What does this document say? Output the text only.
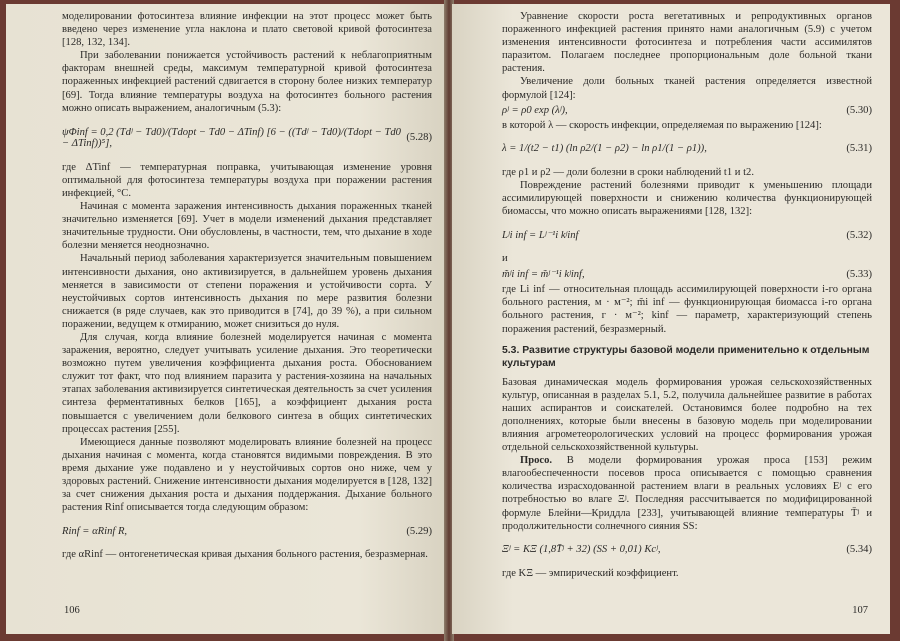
моделировании фотосинтеза влияние инфекции на этот процесс может быть введено через изменение угла наклона и плато световой кривой фотосинтеза [128, 132, 134].

При заболевании понижается устойчивость растений к неблагоприятным факторам внешней среды, максимум температурной кривой фотосинтеза пораженных инфекцией растений сдвигается в сторону более низких температур [69]. Тогда влияние температуры воздуха на фотосинтез больного растения можно описать выражением, аналогичным (5.3):

ψΦinf = 0,2 (Tdʲ − Td0)/(Tdopt − Td0 − ΔTinf) [6 − ((Tdʲ − Td0)/(Tdopt − Td0 − ΔTinf))⁵],	(5.28)

где ΔTinf — температурная поправка, учитывающая изменение уровня оптимальной для фотосинтеза температуры воздуха при поражении растения инфекцией, °C.

Начиная с момента заражения интенсивность дыхания пораженных тканей значительно изменяется [69]. Учет в модели изменений дыхания представляет значительные трудности. Они обусловлены, в частности, тем, что дыхание в ходе болезни меняется неоднозначно.

Начальный период заболевания характеризуется значительным повышением интенсивности дыхания, оно активизируется, в дальнейшем уровень дыхания меняется в зависимости от степени поражения и устойчивости сорта. У неустойчивых сортов интенсивность дыхания по мере развития болезни снижается (в ряде случаев, как это приводится в [74], до 39 %), а при сильном поражении, ведущем к отмиранию, может снизиться до нуля.

Для случая, когда влияние болезней моделируется начиная с момента заражения, вероятно, следует учитывать усиление дыхания. Это теоретически возможно путем увеличения коэффициента дыхания роста. Обоснованием служит тот факт, что под влиянием паразита у растения-хозяина на начальных этапах заболевания активизируется синтетическая деятельность за счет усиления синтеза ферментативных белков [165], а коэффициент дыхания роста повышается с увеличением доли белкового синтеза в общих синтетических процессах растения [255].

Имеющиеся данные позволяют моделировать влияние болезней на процесс дыхания начиная с момента, когда становятся видимыми повреждения. В это время дыхание уже подавлено и у неустойчивых сортов оно ниже, чем у здоровых растений. Снижение интенсивности дыхания моделируется в [128, 132] за счет снижения дыхания роста и дыхания поддержания. Дыхание больного растения Rinf описывается тогда следующим образом:

Rinf = αRinf R,	(5.29)

где αRinf — онтогенетическая кривая дыхания больного растения, безразмерная.

106

Уравнение скорости роста вегетативных и репродуктивных органов пораженного инфекцией растения принято нами аналогичным (5.9) с учетом изменения интенсивности фотосинтеза и потребления части ассимилятов паразитом. Полагаем последнее пропорциональным доле больной ткани растения.

Увеличение доли больных тканей растения определяется известной формулой [124]:

ρʲ = ρ0 exp (λʲ),	(5.30)

в которой λ — скорость инфекции, определяемая по выражению [124]:

λ = 1/(t2 − t1) (ln ρ2/(1 − ρ2) − ln ρ1/(1 − ρ1)),	(5.31)

где ρ1 и ρ2 — доли болезни в сроки наблюдений t1 и t2.

Повреждение растений болезнями приводит к уменьшению площади ассимилирующей поверхности и снижению количества функционирующей биомассы, что можно описать выражениями [128, 132]:

Lʲi inf = Lʲ⁻¹i kʲinf	(5.32)

и

m̃ʲi inf = m̃ʲ⁻¹i kʲinf,	(5.33)

где Li inf — относительная площадь ассимилирующей поверхности i-го органа больного растения, м · м⁻²; m̃i inf — функционирующая биомасса i-го органа больного растения, г · м⁻²; kinf — параметр, характеризующий степень поражения растений, безразмерный.

5.3. Развитие структуры базовой модели применительно к отдельным культурам

Базовая динамическая модель формирования урожая сельскохозяйственных культур, описанная в разделах 5.1, 5.2, получила дальнейшее развитие в работах наших аспирантов и соискателей. Остановимся более подробно на тех дополнениях, которые были внесены в базовую модель при моделировании влияния агрометеорологических условий на процесс формирования урожая отдельной сельскохозяйственной культуры.

Просо. В модели формирования урожая проса [153] режим влагообеспеченности посевов проса описывается с помощью сравнения количества израсходованной растением влаги в реальных условиях Eʲ с его потребностью во влаге Ξʲ. Последняя рассчитывается по модифицированной формуле Блейни—Криддла [233], учитывающей влияние температуры T̄ʲ и продолжительности солнечного сияния SS:

Ξʲ = KΞ (1,8T̄ʲ + 32) (SS + 0,01) Kcʲ,	(5.34)

где KΞ — эмпирический коэффициент.

107
